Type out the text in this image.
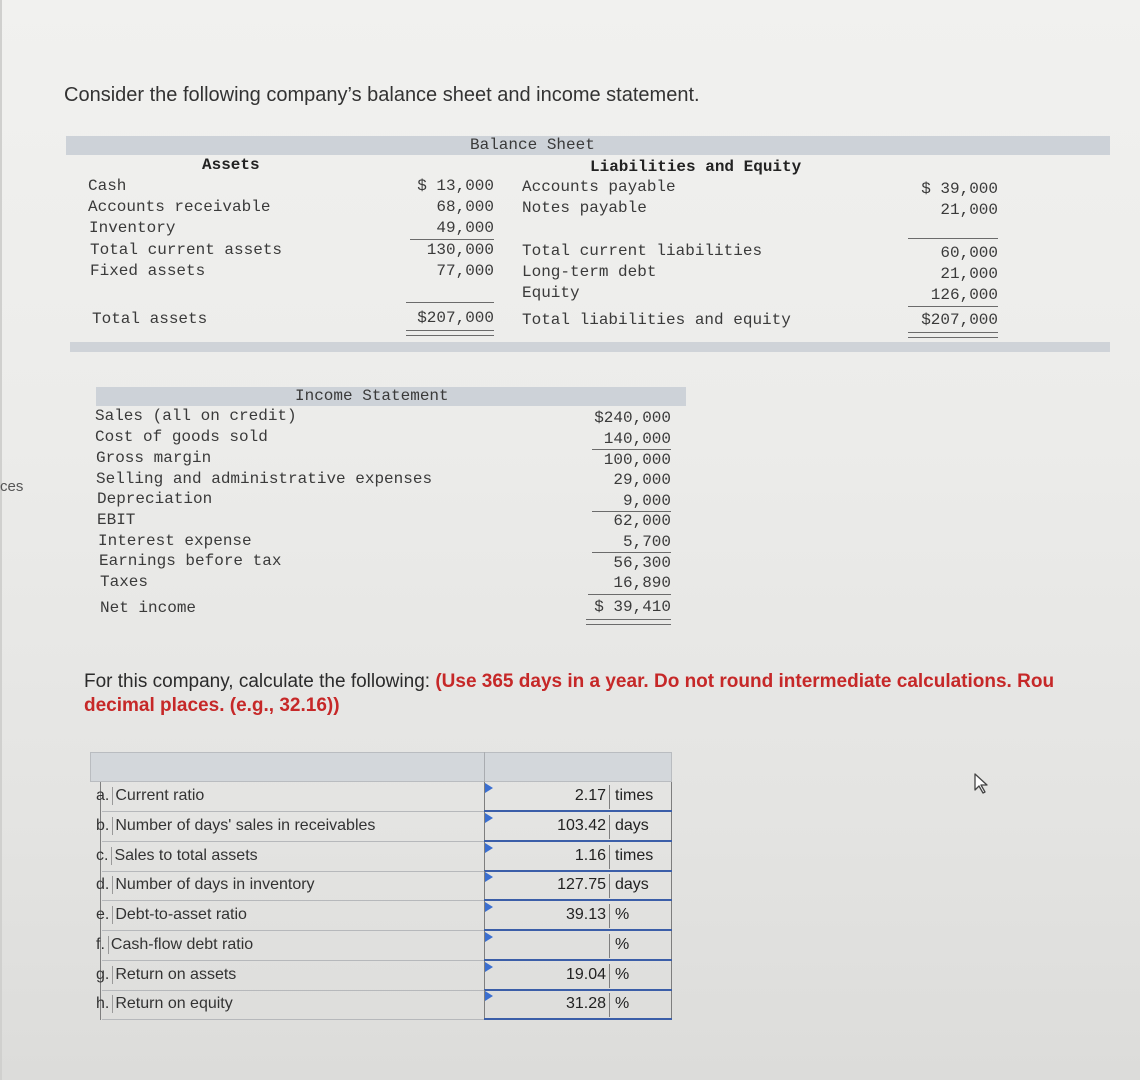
ces
Consider the following company’s balance sheet and income statement.
Balance Sheet
Assets	Liabilities and Equity
Cash	$ 13,000
Accounts receivable	68,000
Inventory	49,000
Total current assets	130,000
Fixed assets	77,000
Total assets	$207,000
Accounts payable	$ 39,000
Notes payable	21,000
Total current liabilities	60,000
Long-term debt	21,000
Equity	126,000
Total liabilities and equity	$207,000
Income Statement
Sales (all on credit)	$240,000
Cost of goods sold	140,000
Gross margin	100,000
Selling and administrative expenses	29,000
Depreciation	9,000
EBIT	62,000
Interest expense	5,700
Earnings before tax	56,300
Taxes	16,890
Net income	$ 39,410
For this company, calculate the following: (Use 365 days in a year. Do not round intermediate calculations. Rou
decimal places. (e.g., 32.16))
a. Current ratio	2.17 times
b. Number of days' sales in receivables	103.42 days
c. Sales to total assets	1.16 times
d. Number of days in inventory	127.75 days
e. Debt-to-asset ratio	39.13 %
f. Cash-flow debt ratio	%
g. Return on assets	19.04 %
h. Return on equity	31.28 %
